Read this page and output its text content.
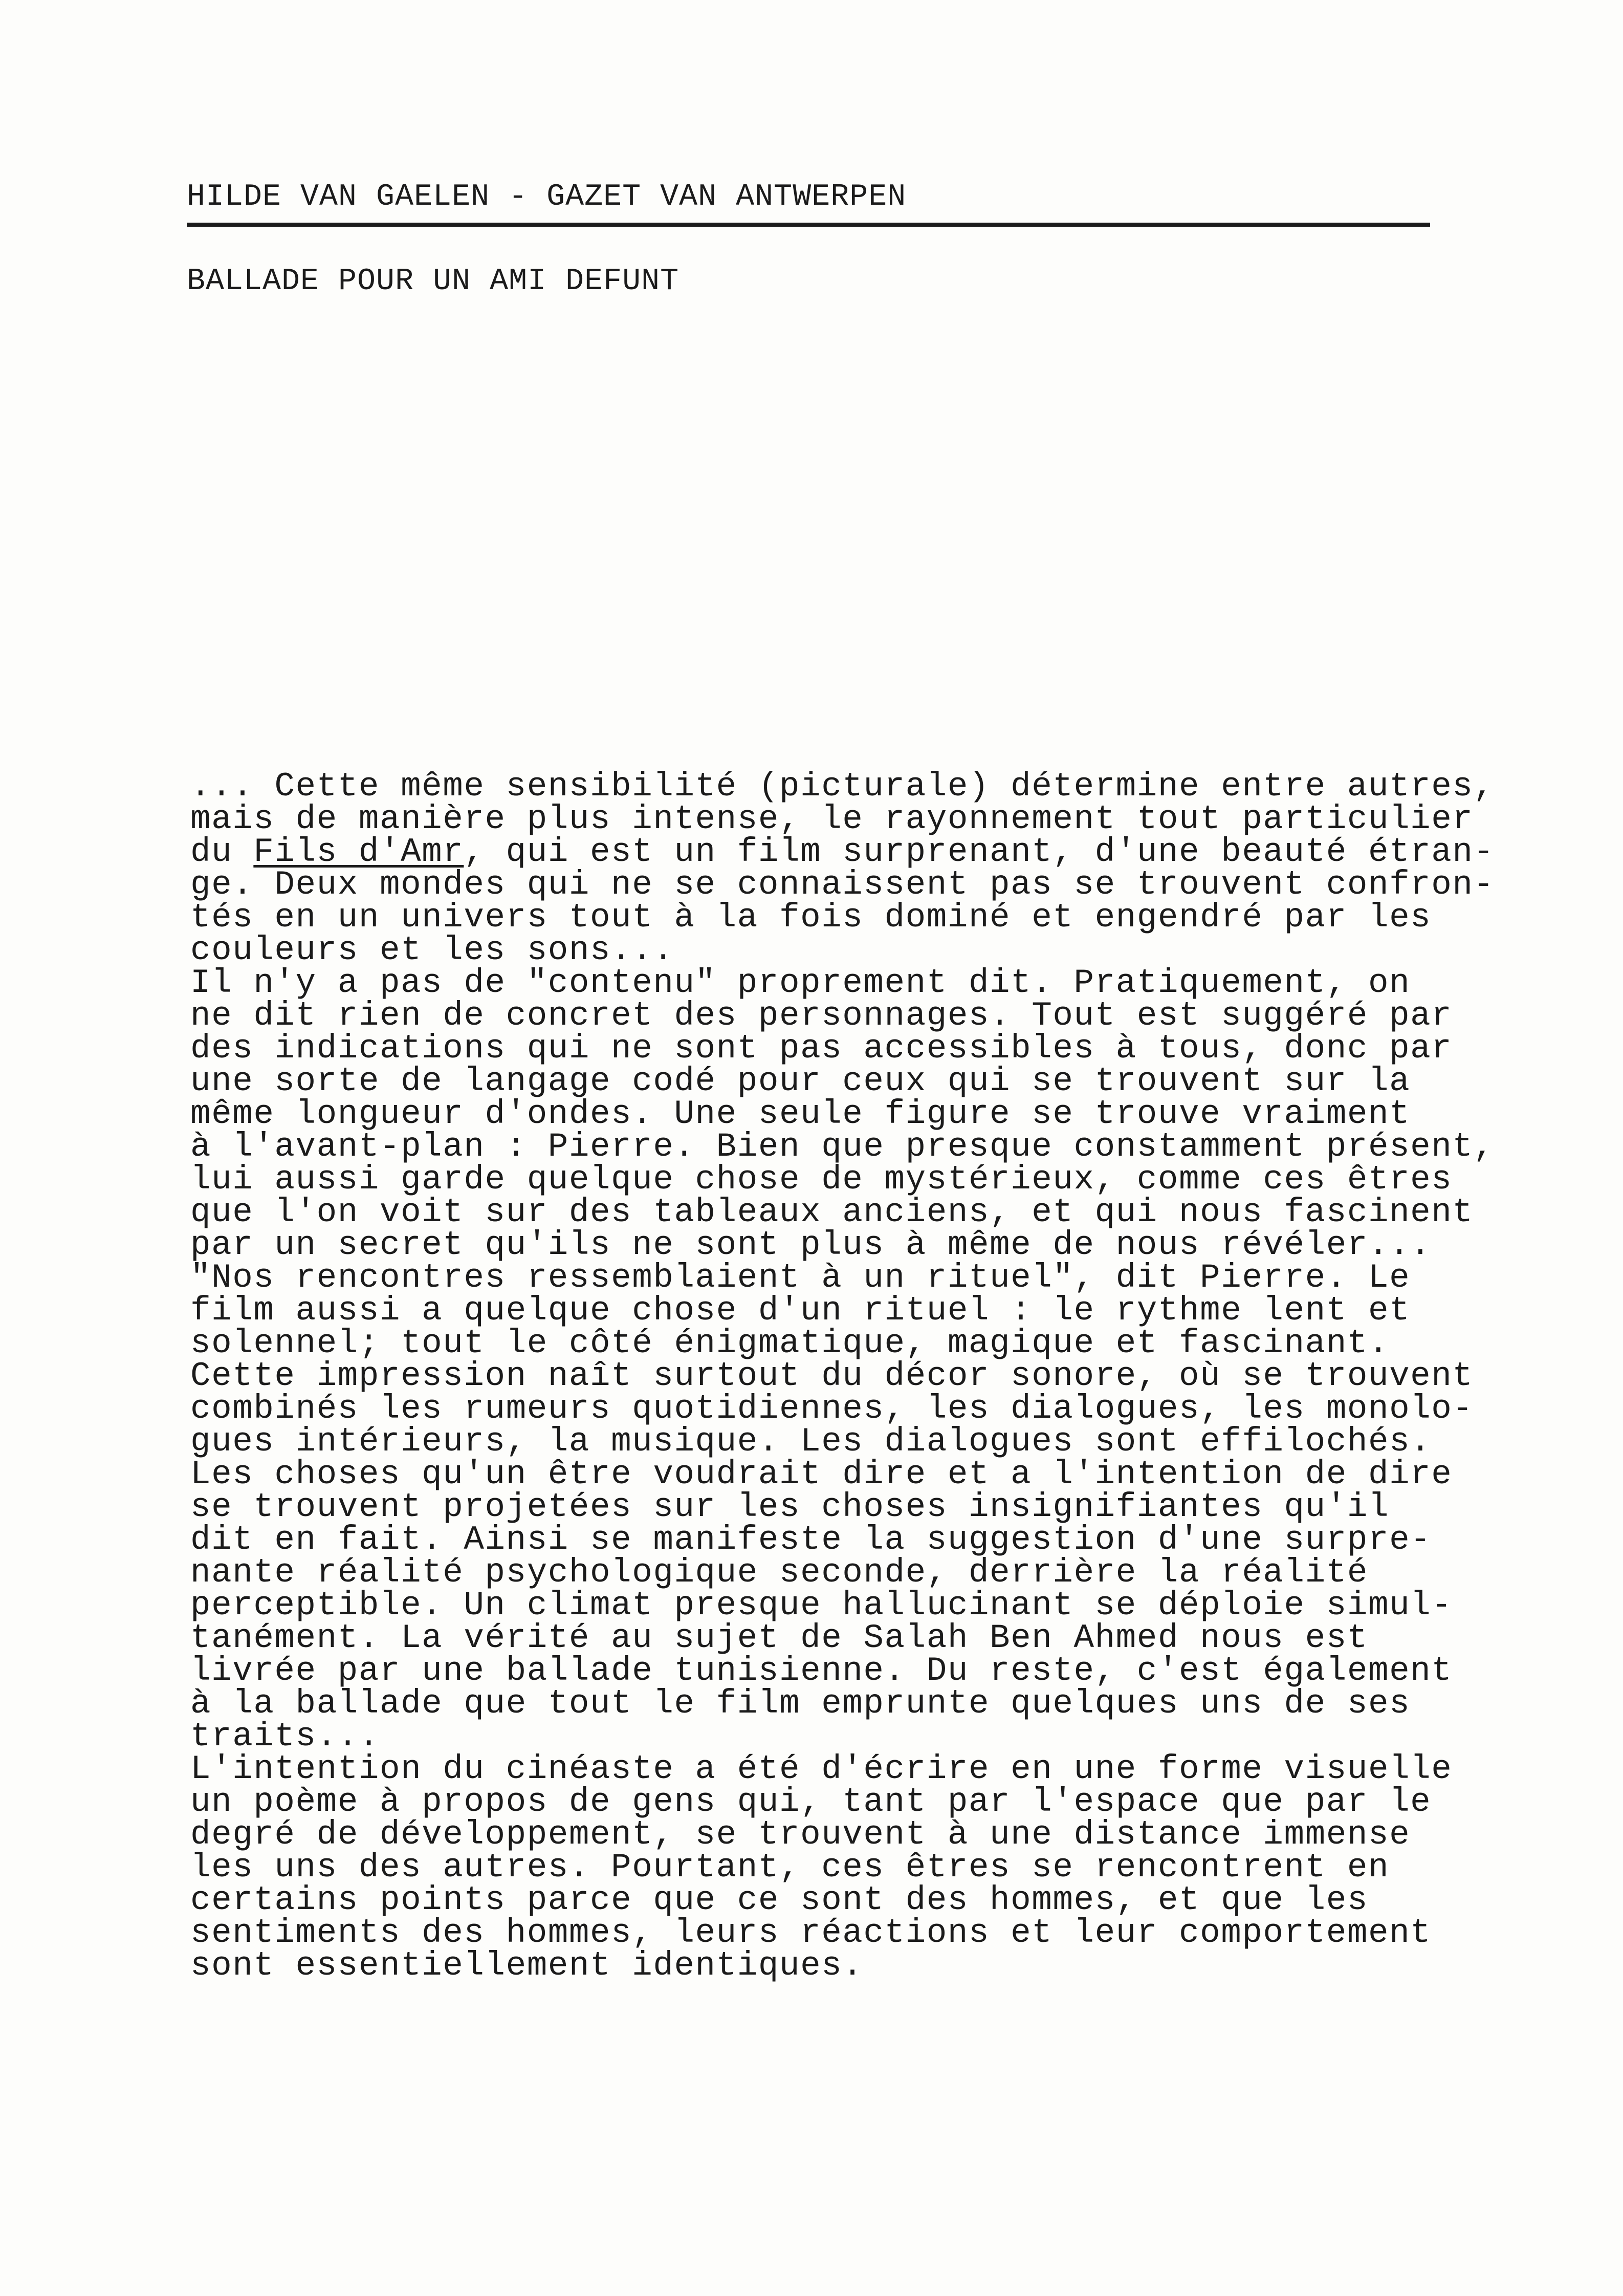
HILDE VAN GAELEN - GAZET VAN ANTWERPEN
BALLADE POUR UN AMI DEFUNT
... Cette même sensibilité (picturale) détermine entre autres,
mais de manière plus intense, le rayonnement tout particulier
du Fils d'Amr, qui est un film surprenant, d'une beauté étran-
ge. Deux mondes qui ne se connaissent pas se trouvent confron-
tés en un univers tout à la fois dominé et engendré par les
couleurs et les sons...
Il n'y a pas de "contenu" proprement dit. Pratiquement, on
ne dit rien de concret des personnages. Tout est suggéré par
des indications qui ne sont pas accessibles à tous, donc par
une sorte de langage codé pour ceux qui se trouvent sur la
même longueur d'ondes. Une seule figure se trouve vraiment
à l'avant-plan : Pierre. Bien que presque constamment présent,
lui aussi garde quelque chose de mystérieux, comme ces êtres
que l'on voit sur des tableaux anciens, et qui nous fascinent
par un secret qu'ils ne sont plus à même de nous révéler...
"Nos rencontres ressemblaient à un rituel", dit Pierre. Le
film aussi a quelque chose d'un rituel : le rythme lent et
solennel; tout le côté énigmatique, magique et fascinant.
Cette impression naît surtout du décor sonore, où se trouvent
combinés les rumeurs quotidiennes, les dialogues, les monolo-
gues intérieurs, la musique. Les dialogues sont effilochés.
Les choses qu'un être voudrait dire et a l'intention de dire
se trouvent projetées sur les choses insignifiantes qu'il
dit en fait. Ainsi se manifeste la suggestion d'une surpre-
nante réalité psychologique seconde, derrière la réalité
perceptible. Un climat presque hallucinant se déploie simul-
tanément. La vérité au sujet de Salah Ben Ahmed nous est
livrée par une ballade tunisienne. Du reste, c'est également
à la ballade que tout le film emprunte quelques uns de ses
traits...
L'intention du cinéaste a été d'écrire en une forme visuelle
un poème à propos de gens qui, tant par l'espace que par le
degré de développement, se trouvent à une distance immense
les uns des autres. Pourtant, ces êtres se rencontrent en
certains points parce que ce sont des hommes, et que les
sentiments des hommes, leurs réactions et leur comportement
sont essentiellement identiques.
